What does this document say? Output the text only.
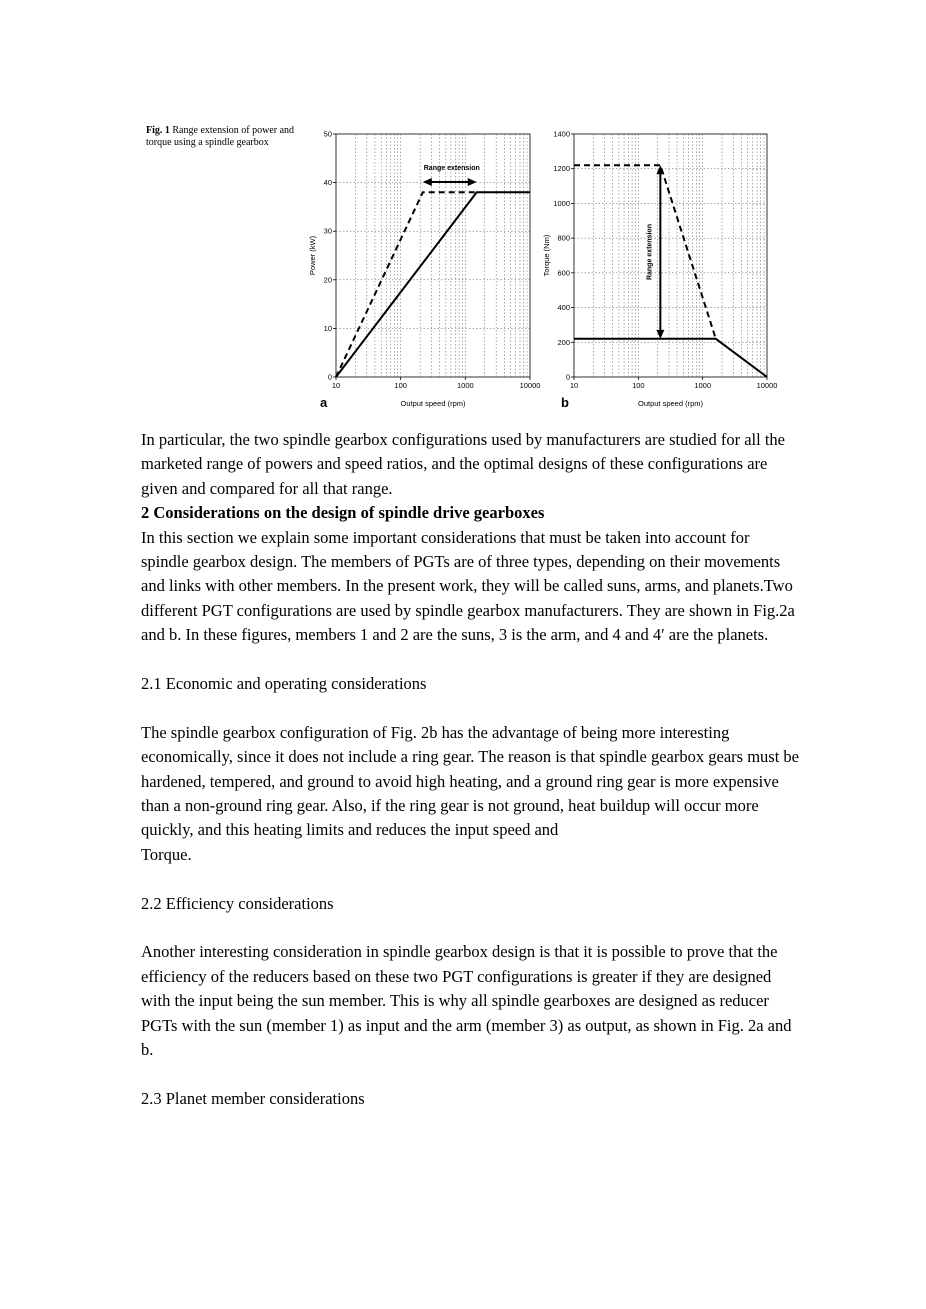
Fig. 1 Range extension of power and torque using a spindle gearbox
0
10
20
30
40
50
10	100	1000	10000
Output speed (rpm)
Power (kW)
a
0
200
400
600
800
1000
1200
1400
10	100	1000	10000
Output speed (rpm)
Torque (Nm)
b
Range extension
Range extension

In particular, the two spindle gearbox configurations used by manufacturers are studied for all the marketed range of powers and speed ratios, and the optimal designs of these configurations are given and compared for all that range.

2 Considerations on the design of spindle drive gearboxes

In this section we explain some important considerations that must be taken into account for spindle gearbox design. The members of PGTs are of three types, depending on their movements and links with other members. In the present work, they will be called suns, arms, and planets.Two different PGT configurations are used by spindle gearbox manufacturers. They are shown in Fig.2a and b. In these figures, members 1 and 2 are the suns, 3 is the arm, and 4 and 4′ are the planets.

2.1 Economic and operating considerations

The spindle gearbox configuration of Fig. 2b has the advantage of being more interesting economically, since it does not include a ring gear. The reason is that spindle gearbox gears must be hardened, tempered, and ground to avoid high heating, and a ground ring gear is more expensive than a non-ground ring gear. Also, if the ring gear is not ground, heat buildup will occur more quickly, and this heating limits and reduces the input speed and

Torque.

2.2 Efficiency considerations

Another interesting consideration in spindle gearbox design is that it is possible to prove that the efficiency of the reducers based on these two PGT configurations is greater if they are designed with the input being the sun member. This is why all spindle gearboxes are designed as reducer PGTs with the sun (member 1) as input and the arm (member 3) as output, as shown in Fig. 2a and b.

2.3 Planet member considerations
